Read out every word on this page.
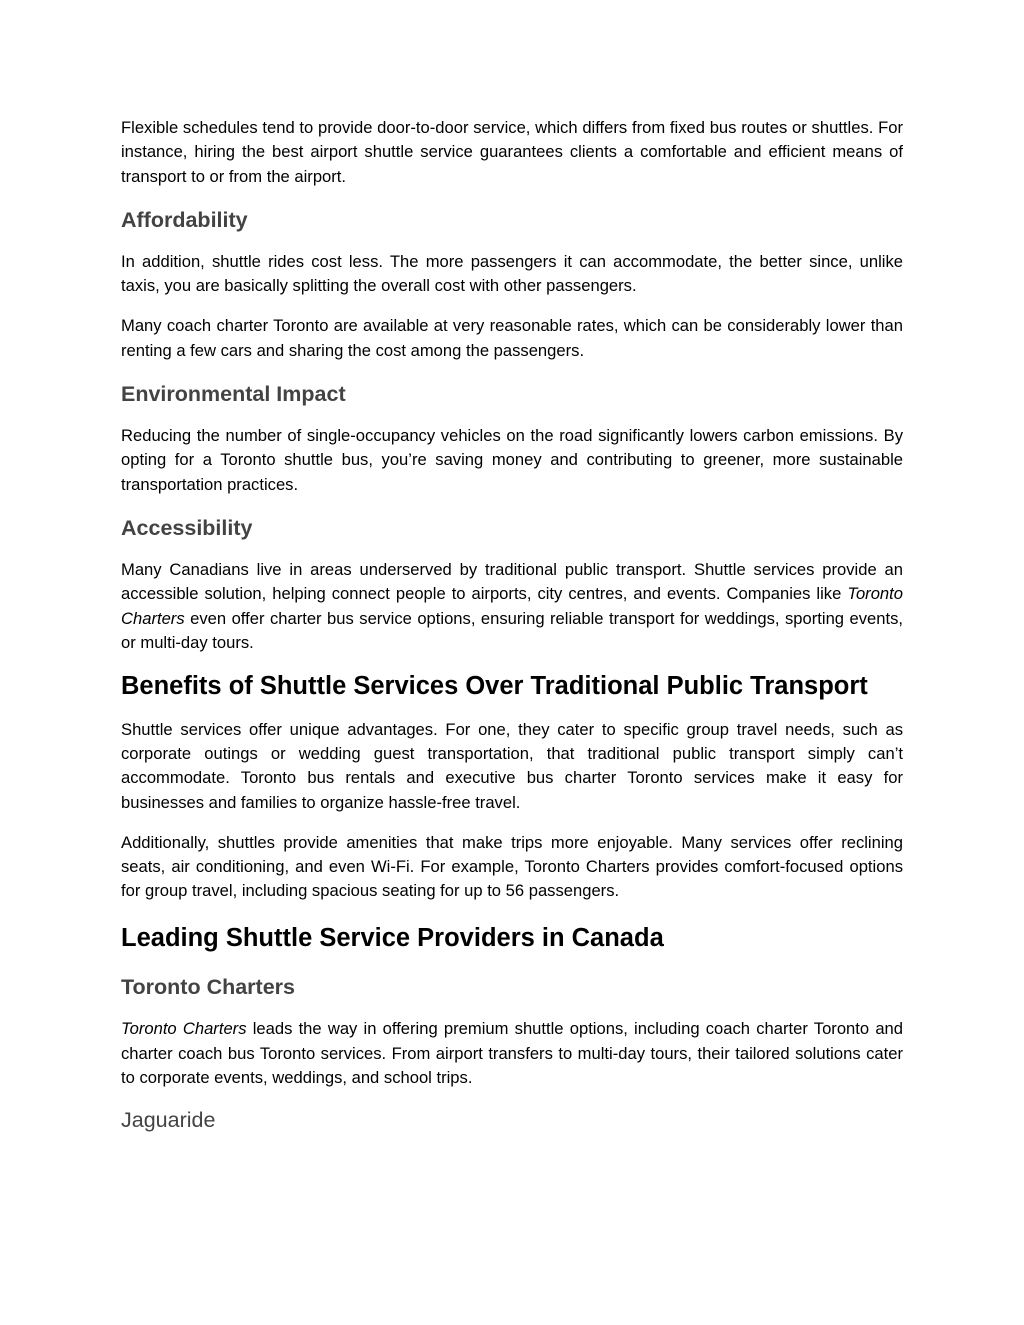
Flexible schedules tend to provide door-to-door service, which differs from fixed bus routes or shuttles. For instance, hiring the best airport shuttle service guarantees clients a comfortable and efficient means of transport to or from the airport.

Affordability

In addition, shuttle rides cost less. The more passengers it can accommodate, the better since, unlike taxis, you are basically splitting the overall cost with other passengers.

Many coach charter Toronto are available at very reasonable rates, which can be considerably lower than renting a few cars and sharing the cost among the passengers.

Environmental Impact

Reducing the number of single-occupancy vehicles on the road significantly lowers carbon emissions. By opting for a Toronto shuttle bus, you’re saving money and contributing to greener, more sustainable transportation practices.

Accessibility

Many Canadians live in areas underserved by traditional public transport. Shuttle services provide an accessible solution, helping connect people to airports, city centres, and events. Companies like Toronto Charters even offer charter bus service options, ensuring reliable transport for weddings, sporting events, or multi-day tours.

Benefits of Shuttle Services Over Traditional Public Transport

Shuttle services offer unique advantages. For one, they cater to specific group travel needs, such as corporate outings or wedding guest transportation, that traditional public transport simply can’t accommodate. Toronto bus rentals and executive bus charter Toronto services make it easy for businesses and families to organize hassle-free travel.

Additionally, shuttles provide amenities that make trips more enjoyable. Many services offer reclining seats, air conditioning, and even Wi-Fi. For example, Toronto Charters provides comfort-focused options for group travel, including spacious seating for up to 56 passengers.

Leading Shuttle Service Providers in Canada
Toronto Charters

Toronto Charters leads the way in offering premium shuttle options, including coach charter Toronto and charter coach bus Toronto services. From airport transfers to multi-day tours, their tailored solutions cater to corporate events, weddings, and school trips.

Jaguaride
